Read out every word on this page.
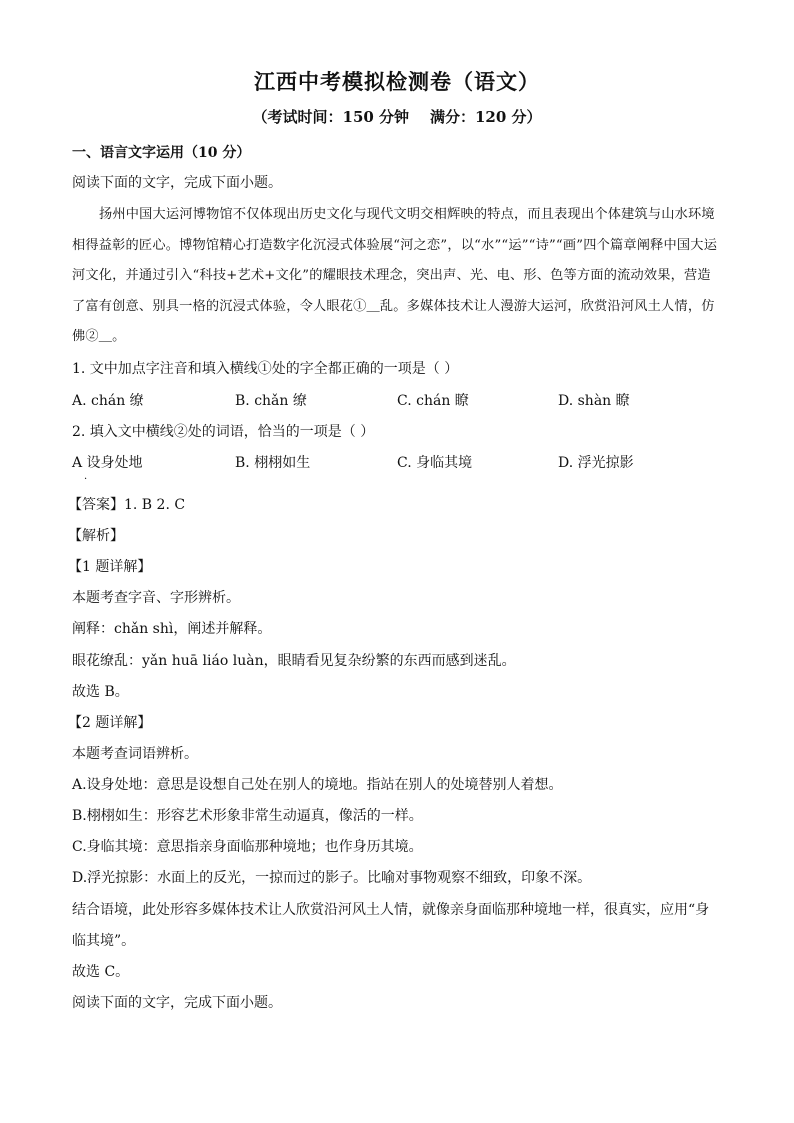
江西中考模拟检测卷（语文）
（考试时间：150 分钟    满分：120 分）
一、语言文字运用（10 分）
阅读下面的文字，完成下面小题。
扬州中国大运河博物馆不仅体现出历史文化与现代文明交相辉映的特点，而且表现出个体建筑与山水环境相得益彰的匠心。博物馆精心打造数字化沉浸式体验展“河之恋”，以“水”“运”“诗”“画”四个篇章阐释中国大运河文化，并通过引入“科技+艺术+文化”的耀眼技术理念，突出声、光、电、形、色等方面的流动效果，营造了富有创意、别具一格的沉浸式体验，令人眼花①＿乱。多媒体技术让人漫游大运河，欣赏沿河风土人情，仿佛②＿。
1. 文中加点字注音和填入横线①处的字全都正确的一项是（ ）
A. chán 缭	B. chǎn 缭	C. chán 瞭	D. shàn 瞭
2. 填入文中横线②处的词语，恰当的一项是（ ）
A 设身处地	B. 栩栩如生	C. 身临其境	D. 浮光掠影
·
【答案】1. B 2. C
【解析】
【1 题详解】
本题考查字音、字形辨析。
阐释：chǎn shì，阐述并解释。
眼花缭乱：yǎn huā liáo luàn，眼睛看见复杂纷繁的东西而感到迷乱。
故选 B。
【2 题详解】
本题考查词语辨析。
A.设身处地：意思是设想自己处在别人的境地。指站在别人的处境替别人着想。
B.栩栩如生：形容艺术形象非常生动逼真，像活的一样。
C.身临其境：意思指亲身面临那种境地；也作身历其境。
D.浮光掠影：水面上的反光，一掠而过的影子。比喻对事物观察不细致，印象不深。
结合语境，此处形容多媒体技术让人欣赏沿河风土人情，就像亲身面临那种境地一样，很真实，应用“身
临其境”。
故选 C。
阅读下面的文字，完成下面小题。
